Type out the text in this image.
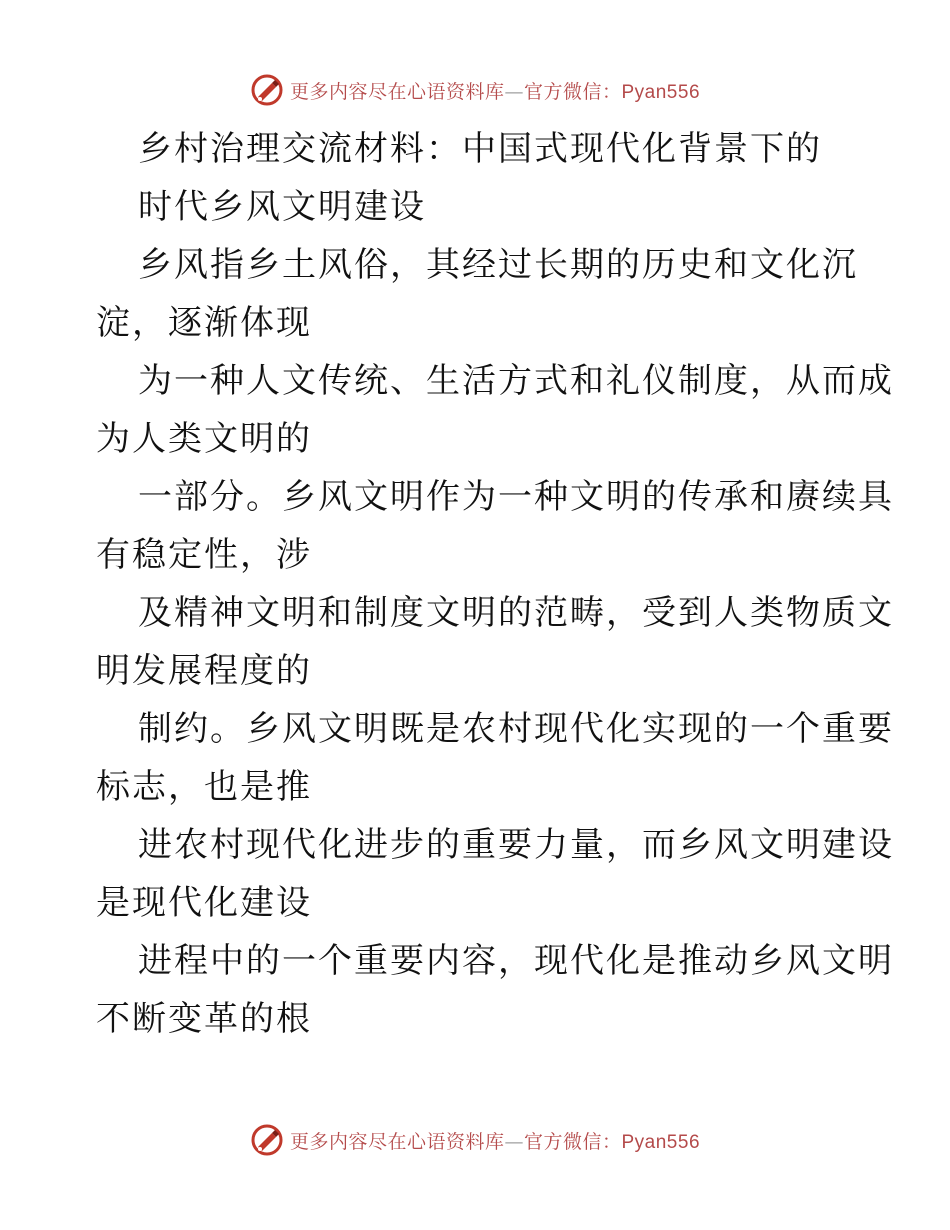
更多内容尽在心语资料库—官方微信：Pyan556
乡村治理交流材料：中国式现代化背景下的
时代乡风文明建设
乡风指乡土风俗，其经过长期的历史和文化沉
淀，逐渐体现
为一种人文传统、生活方式和礼仪制度，从而成
为人类文明的
一部分。乡风文明作为一种文明的传承和赓续具
有稳定性，涉
及精神文明和制度文明的范畴，受到人类物质文
明发展程度的
制约。乡风文明既是农村现代化实现的一个重要
标志，也是推
进农村现代化进步的重要力量，而乡风文明建设
是现代化建设
进程中的一个重要内容，现代化是推动乡风文明
不断变革的根
更多内容尽在心语资料库—官方微信：Pyan556
